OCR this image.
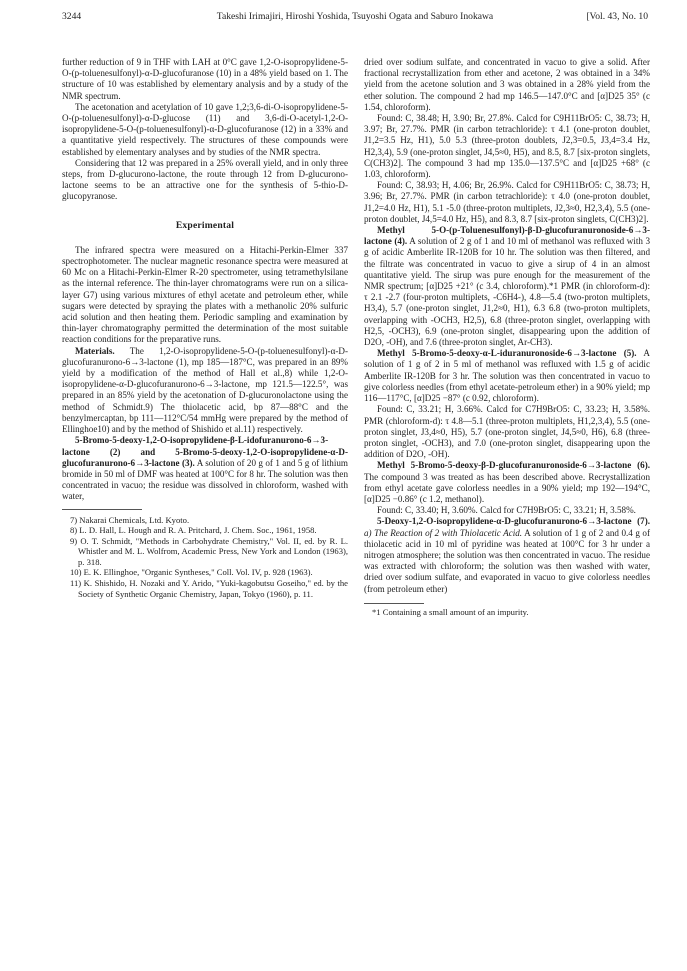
3244	Takeshi Irimajiri, Hiroshi Yoshida, Tsuyoshi Ogata and Saburo Inokawa	[Vol. 43, No. 10

further reduction of 9 in THF with LAH at 0°C gave 1,2-O-isopropylidene-5-O-(p-toluenesulfonyl)-α-D-glucofuranose (10) in a 48% yield based on 1. The structure of 10 was established by elementary analysis and by a study of the NMR spectrum.

The acetonation and acetylation of 10 gave 1,2;3,6-di-O-isopropylidene-5-O-(p-toluenesulfonyl)-α-D-glucose (11) and 3,6-di-O-acetyl-1,2-O-isopropylidene-5-O-(p-toluenesulfonyl)-α-D-glucofuranose (12) in a 33% and a quantitative yield respectively. The structures of these compounds were established by elementary analyses and by studies of the NMR spectra.

Considering that 12 was prepared in a 25% overall yield, and in only three steps, from D-glucurono-lactone, the route through 12 from D-glucurono-lactone seems to be an attractive one for the synthesis of 5-thio-D-glucopyranose.

Experimental

The infrared spectra were measured on a Hitachi-Perkin-Elmer 337 spectrophotometer. The nuclear magnetic resonance spectra were measured at 60 Mc on a Hitachi-Perkin-Elmer R-20 spectrometer, using tetramethylsilane as the internal reference. The thin-layer chromatograms were run on a silica-layer G7) using various mixtures of ethyl acetate and petroleum ether, while sugars were detected by spraying the plates with a methanolic 20% sulfuric acid solution and then heating them. Periodic sampling and examination by thin-layer chromatography permitted the determination of the most suitable reaction conditions for the preparative runs.

Materials. The 1,2-O-isopropylidene-5-O-(p-toluenesulfonyl)-α-D-glucofuranurono-6→3-lactone (1), mp 185—187°C, was prepared in an 89% yield by a modification of the method of Hall et al.,8) while 1,2-O-isopropylidene-α-D-glucofuranurono-6→3-lactone, mp 121.5—122.5°, was prepared in an 85% yield by the acetonation of D-glucuronolactone using the method of Schmidt.9) The thiolacetic acid, bp 87—88°C and the benzylmercaptan, bp 111—112°C/54 mmHg were prepared by the method of Ellinghoe10) and by the method of Shishido et al.11) respectively.

5-Bromo-5-deoxy-1,2-O-isopropylidene-β-L-idofuranurono-6→3-lactone (2) and 5-Bromo-5-deoxy-1,2-O-isopropylidene-α-D-glucofuranurono-6→3-lactone (3). A solution of 20 g of 1 and 5 g of lithium bromide in 50 ml of DMF was heated at 100°C for 8 hr. The solution was then concentrated in vacuo; the residue was dissolved in chloroform, washed with water,

7) Nakarai Chemicals, Ltd. Kyoto.

8) L. D. Hall, L. Hough and R. A. Pritchard, J. Chem. Soc., 1961, 1958.

9) O. T. Schmidt, "Methods in Carbohydrate Chemistry," Vol. II, ed. by R. L. Whistler and M. L. Wolfrom, Academic Press, New York and London (1963), p. 318.

10) E. K. Ellinghoe, "Organic Syntheses," Coll. Vol. IV, p. 928 (1963).

11) K. Shishido, H. Nozaki and Y. Arido, "Yuki-kagobutsu Goseiho," ed. by the Society of Synthetic Organic Chemistry, Japan, Tokyo (1960), p. 11.

dried over sodium sulfate, and concentrated in vacuo to give a solid. After fractional recrystallization from ether and acetone, 2 was obtained in a 34% yield from the acetone solution and 3 was obtained in a 28% yield from the ether solution. The compound 2 had mp 146.5—147.0°C and [α]D25 35° (c 1.54, chloroform).

Found: C, 38.48; H, 3.90; Br, 27.8%. Calcd for C9H11BrO5: C, 38.73; H, 3.97; Br, 27.7%. PMR (in carbon tetrachloride): τ 4.1 (one-proton doublet, J1,2=3.5 Hz, H1), 5.0 5.3 (three-proton doublets, J2,3=0.5, J3,4=3.4 Hz, H2,3,4), 5.9 (one-proton singlet, J4,5≈0, H5), and 8.5, 8.7 [six-proton singlets, C(CH3)2]. The compound 3 had mp 135.0—137.5°C and [α]D25 +68° (c 1.03, chloroform).

Found: C, 38.93; H, 4.06; Br, 26.9%. Calcd for C9H11BrO5: C, 38.73; H, 3.96; Br, 27.7%. PMR (in carbon tetrachloride): τ 4.0 (one-proton doublet, J1,2=4.0 Hz, H1), 5.1 -5.0 (three-proton multiplets, J2,3≈0, H2,3,4), 5.5 (one-proton doublet, J4,5=4.0 Hz, H5), and 8.3, 8.7 [six-proton singlets, C(CH3)2].

Methyl 5-O-(p-Toluenesulfonyl)-β-D-glucofuranuronoside-6→3-lactone (4). A solution of 2 g of 1 and 10 ml of methanol was refluxed with 3 g of acidic Amberlite IR-120B for 10 hr. The solution was then filtered, and the filtrate was concentrated in vacuo to give a sirup of 4 in an almost quantitative yield. The sirup was pure enough for the measurement of the NMR spectrum; [α]D25 +21° (c 3.4, chloroform).*1 PMR (in chloroform-d): τ 2.1 -2.7 (four-proton multiplets, -C6H4-), 4.8—5.4 (two-proton multiplets, H3,4), 5.7 (one-proton singlet, J1,2≈0, H1), 6.3 6.8 (two-proton multiplets, overlapping with -OCH3, H2,5), 6.8 (three-proton singlet, overlapping with H2,5, -OCH3), 6.9 (one-proton singlet, disappearing upon the addition of D2O, -OH), and 7.6 (three-proton singlet, Ar-CH3).

Methyl 5-Bromo-5-deoxy-α-L-iduranuronoside-6→3-lactone (5). A solution of 1 g of 2 in 5 ml of methanol was refluxed with 1.5 g of acidic Amberlite IR-120B for 3 hr. The solution was then concentrated in vacuo to give colorless needles (from ethyl acetate-petroleum ether) in a 90% yield; mp 116—117°C, [α]D25 −87° (c 0.92, chloroform).

Found: C, 33.21; H, 3.66%. Calcd for C7H9BrO5: C, 33.23; H, 3.58%. PMR (chloroform-d): τ 4.8—5.1 (three-proton multiplets, H1,2,3,4), 5.5 (one-proton singlet, J3,4≈0, H5), 5.7 (one-proton singlet, J4,5≈0, H6), 6.8 (three-proton singlet, -OCH3), and 7.0 (one-proton singlet, disappearing upon the addition of D2O, -OH).

Methyl 5-Bromo-5-deoxy-β-D-glucofuranuronoside-6→3-lactone (6). The compound 3 was treated as has been described above. Recrystallization from ethyl acetate gave colorless needles in a 90% yield; mp 192—194°C, [α]D25 −0.86° (c 1.2, methanol).

Found: C, 33.40; H, 3.60%. Calcd for C7H9BrO5: C, 33.21; H, 3.58%.

5-Deoxy-1,2-O-isopropylidene-α-D-glucofuranurono-6→3-lactone (7). a) The Reaction of 2 with Thiolacetic Acid. A solution of 1 g of 2 and 0.4 g of thiolacetic acid in 10 ml of pyridine was heated at 100°C for 3 hr under a nitrogen atmosphere; the solution was then concentrated in vacuo. The residue was extracted with chloroform; the solution was then washed with water, dried over sodium sulfate, and evaporated in vacuo to give colorless needles (from petroleum ether)

*1 Containing a small amount of an impurity.
